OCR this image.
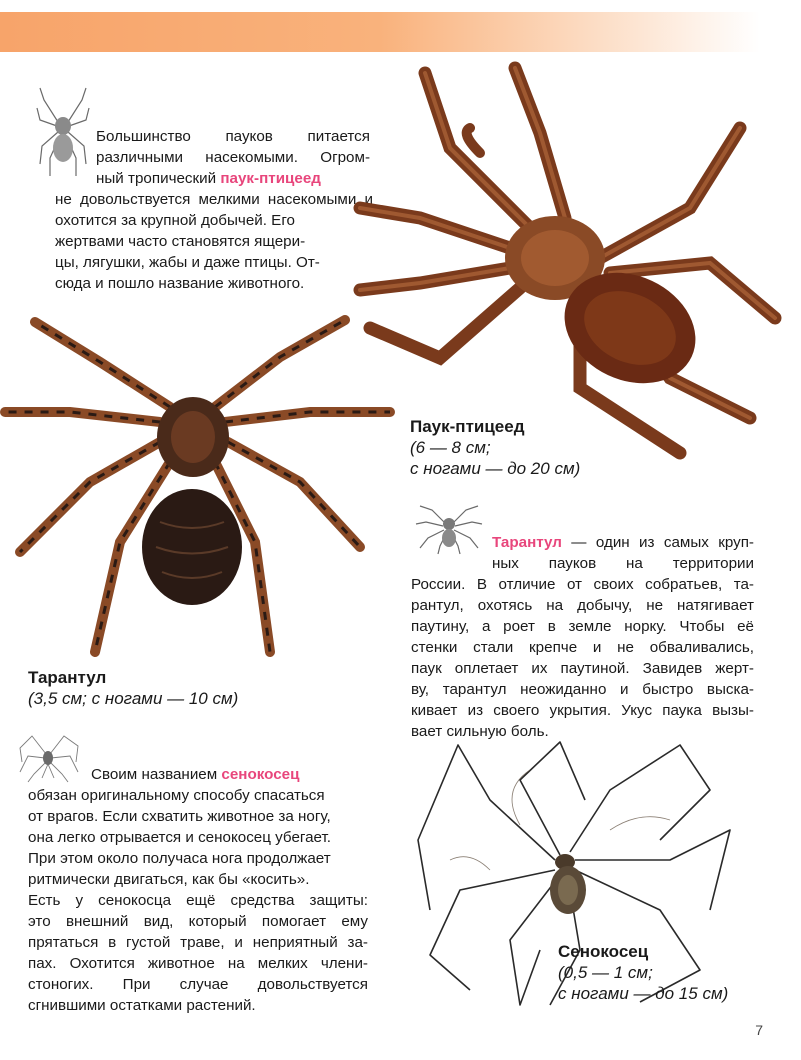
Большинство пауков питается

различными насекомыми. Огром-

ный тропический паук-птицеед

не довольствуется мелкими насекомыми и

охотится за крупной добычей. Его

жертвами часто становятся ящери-

цы, лягушки, жабы и даже птицы. От-

сюда и пошло название животного.

Паук-птицеед
(6 — 8 см;
с ногами — до 20 см)
Тарантул
(3,5 см; с ногами — 10 см)

Тарантул — один из самых круп-

ных пауков на территории

России. В отличие от своих собратьев, та-

рантул, охотясь на добычу, не натягивает

паутину, а роет в земле норку. Чтобы её

стенки стали крепче и не обваливались,

паук оплетает их паутиной. Завидев жерт-

ву, тарантул неожиданно и быстро выска-

кивает из своего укрытия. Укус паука вызы-

вает сильную боль.

Своим названием сенокосец

обязан оригинальному способу спасаться

от врагов. Если схватить животное за ногу,

она легко отрывается и сенокосец убегает.

При этом около получаса нога продолжает

ритмически двигаться, как бы «косить».

Есть у сенокосца ещё средства защиты:

это внешний вид, который помогает ему

прятаться в густой траве, и неприятный за-

пах. Охотится животное на мелких члени-

стоногих. При случае довольствуется

сгнившими остатками растений.

Сенокосец
(0,5 — 1 см;
с ногами — до 15 см)
7
